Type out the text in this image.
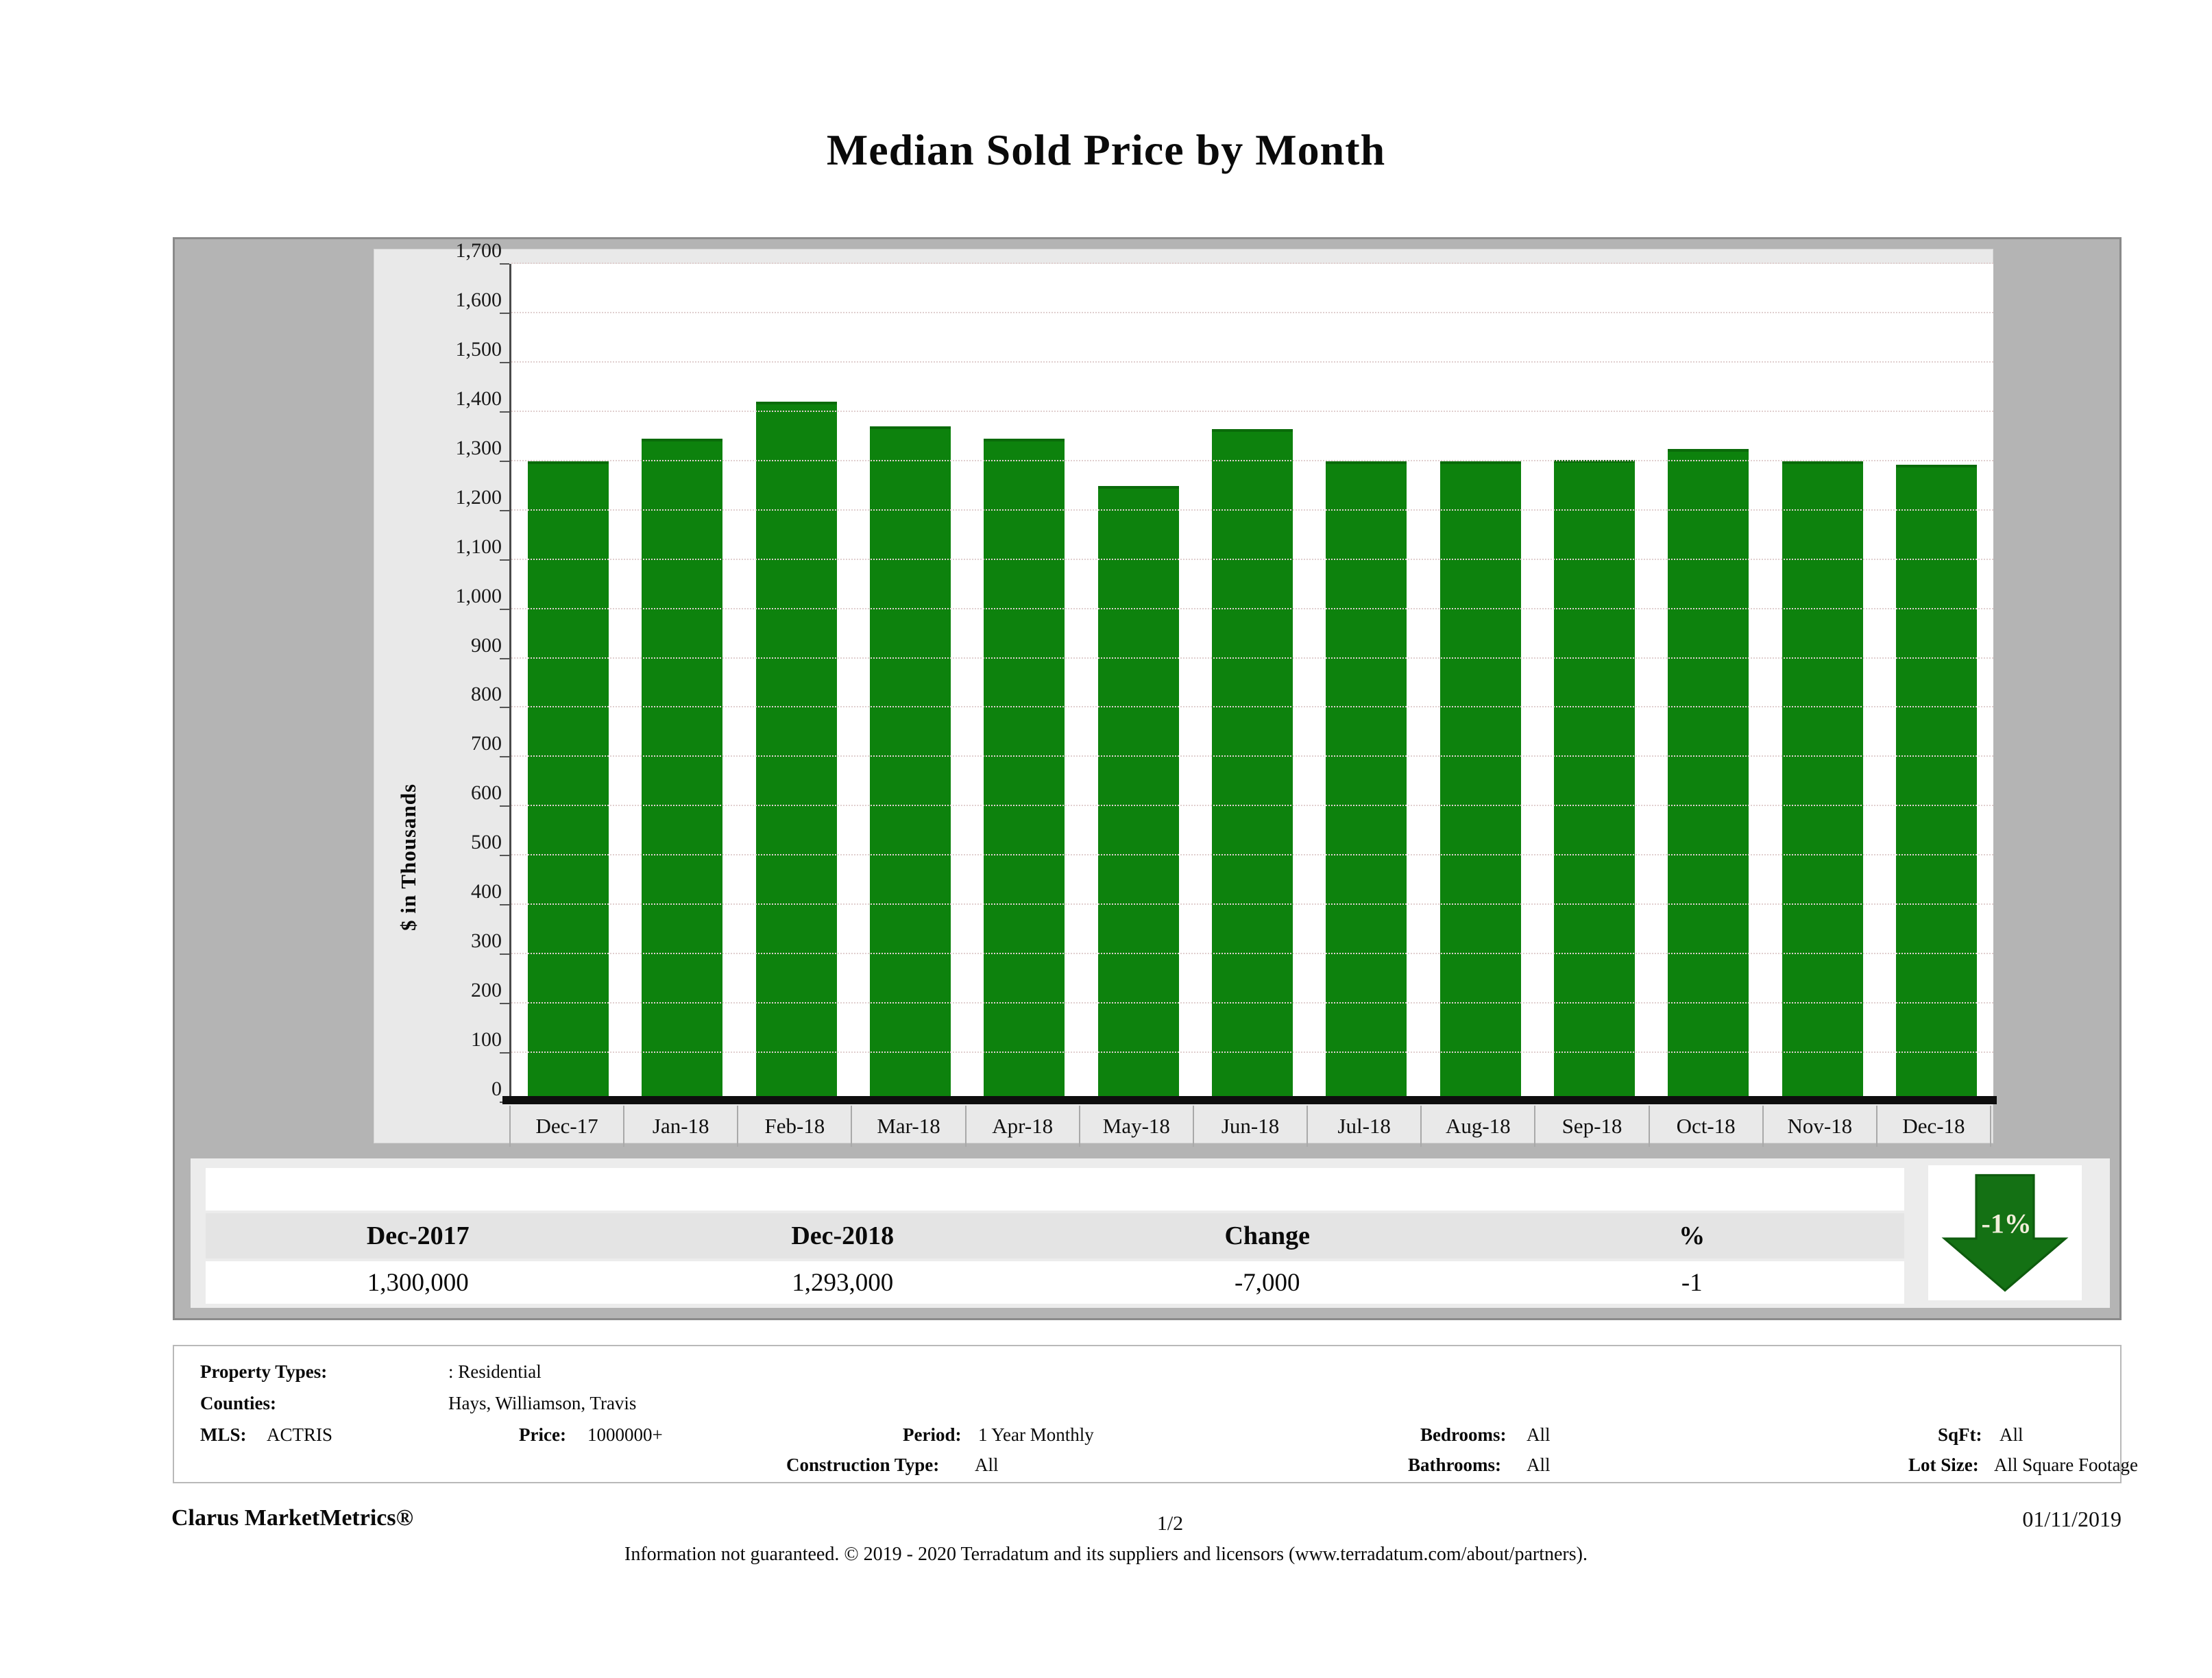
Median Sold Price by Month
$ in Thousands
0
100
200
300
400
500
600
700
800
900
1,000
1,100
1,200
1,300
1,400
1,500
1,600
1,700
Dec-17	Jan-18	Feb-18	Mar-18	Apr-18	May-18	Jun-18	Jul-18	Aug-18	Sep-18	Oct-18	Nov-18	Dec-18
Dec-2017	Dec-2018	Change	%
1,300,000	1,293,000	-7,000	-1
-1%
Property Types:	: Residential
Counties:	Hays, Williamson, Travis
MLS: ACTRIS	Price: 1000000+	Period: 1 Year Monthly	Bedrooms: All	SqFt: All
Construction Type: All	Bathrooms: All	Lot Size: All Square Footage
Clarus MarketMetrics®	1/2	01/11/2019
Information not guaranteed. © 2019 - 2020 Terradatum and its suppliers and licensors (www.terradatum.com/about/partners).
